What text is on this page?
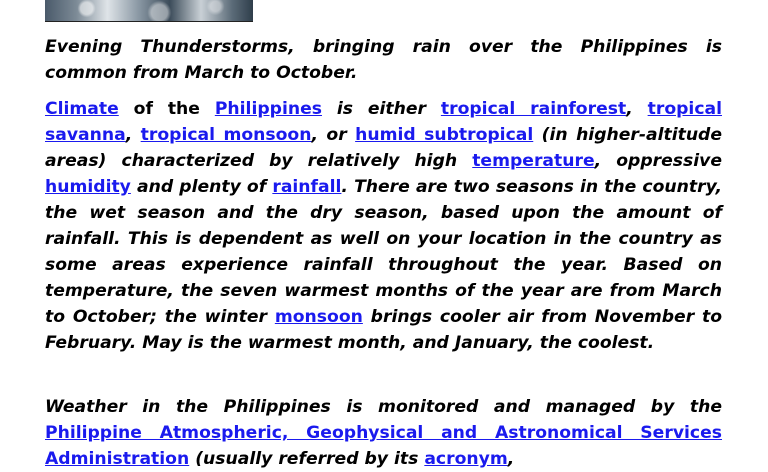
Evening Thunderstorms, bringing rain over the Philippines is common from March to October.

Climate of the Philippines is either tropical rainforest, tropical savanna, tropical monsoon, or humid subtropical (in higher-altitude areas) characterized by relatively high temperature, oppressive humidity and plenty of rainfall. There are two seasons in the country, the wet season and the dry season, based upon the amount of rainfall. This is dependent as well on your location in the country as some areas experience rainfall throughout the year. Based on temperature, the seven warmest months of the year are from March to October; the winter monsoon brings cooler air from November to February. May is the warmest month, and January, the coolest.

Weather in the Philippines is monitored and managed by the Philippine Atmospheric, Geophysical and Astronomical Services Administration (usually referred by its acronym,
